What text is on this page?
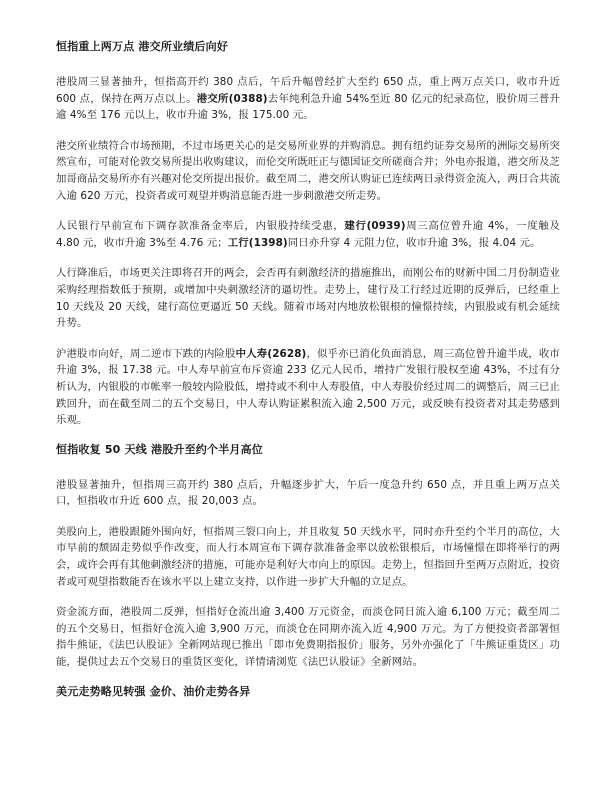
恒指重上两万点 港交所业绩后向好

港股周三显著抽升，恒指高开约 380 点后，午后升幅曾经扩大至约 650 点，重上两万点关口，收市升近 600 点，保持在两万点以上。港交所(0388)去年纯利急升逾 54%至近 80 亿元的纪录高位，股价周三普升逾 4%至 176 元以上，收市升逾 3%，报 175.00 元。

港交所业绩符合市场预期，不过市场更关心的是交易所业界的并购消息。拥有纽约证券交易所的洲际交易所突然宣布，可能对伦敦交易所提出收购建议，而伦交所既旺正与德国证交所磋商合并；外电亦报道，港交所及芝加哥商品交易所亦有兴趣对伦交所提出报价。截至周二，港交所认购证已连续两日录得资金流入，两日合共流入逾 620 万元，投资者或可观望并购消息能否进一步刺激港交所走势。

人民银行早前宣布下调存款准备金率后，内银股持续受惠，建行(0939)周三高位曾升逾 4%，一度触及 4.80 元，收市升逾 3%至 4.76 元；工行(1398)同日亦升穿 4 元阻力位，收市升逾 3%，报 4.04 元。

人行降准后，市场更关注即将召开的两会，会否再有刺激经济的措施推出，而刚公布的财新中国二月份制造业采购经理指数低于预期，或增加中央刺激经济的逼切性。走势上，建行及工行经过近期的反弹后，已经重上 10 天线及 20 天线，建行高位更逼近 50 天线。随着市场对内地放松银根的憧憬持续，内银股或有机会延续升势。

沪港股市向好，周二逆市下跌的内险股中人寿(2628)，似乎亦已消化负面消息，周三高位曾升逾半成，收市升逾 3%，报 17.38 元。中人寿早前宣布斥资逾 233 亿元人民币，增持广发银行股权至逾 43%，不过有分析认为，内银股的市帐率一般较内险股低，增持或不利中人寿股值，中人寿股价经过周二的调整后，周三已止跌回升，而在截至周二的五个交易日，中人寿认购证累积流入逾 2,500 万元，或反映有投资者对其走势感到乐观。

恒指收复 50 天线 港股升至约个半月高位

港股显著抽升，恒指周三高开约 380 点后，升幅逐步扩大，午后一度急升约 650 点，并且重上两万点关口，恒指收市升近 600 点，报 20,003 点。

美股向上，港股跟随外围向好，恒指周三裂口向上，并且收复 50 天线水平，同时亦升至约个半月的高位，大市早前的颓固走势似乎作改变，而人行本周宣布下调存款准备金率以放松银根后，市场憧憬在即将举行的两会，或许会再有其他刺激经济的措施，可能亦是利好大市向上的原因。走势上，恒指回升至两万点附近，投资者或可观望指数能否在该水平以上建立支持，以作进一步扩大升幅的立足点。

资金流方面，港股周二反弹，恒指好仓流出逾 3,400 万元资金，而淡仓同日流入逾 6,100 万元；截至周二的五个交易日，恒指好仓流入逾 3,900 万元，而淡仓在同期亦流入近 4,900 万元。为了方便投资者部署恒指牛熊证，《法巴认股证》全新网站现已推出「即市免费期指报价」服务，另外亦强化了「牛熊证重货区」功能，提供过去五个交易日的重货区变化，详情请浏览《法巴认股证》全新网站。

美元走势略见转强 金价、油价走势各异
